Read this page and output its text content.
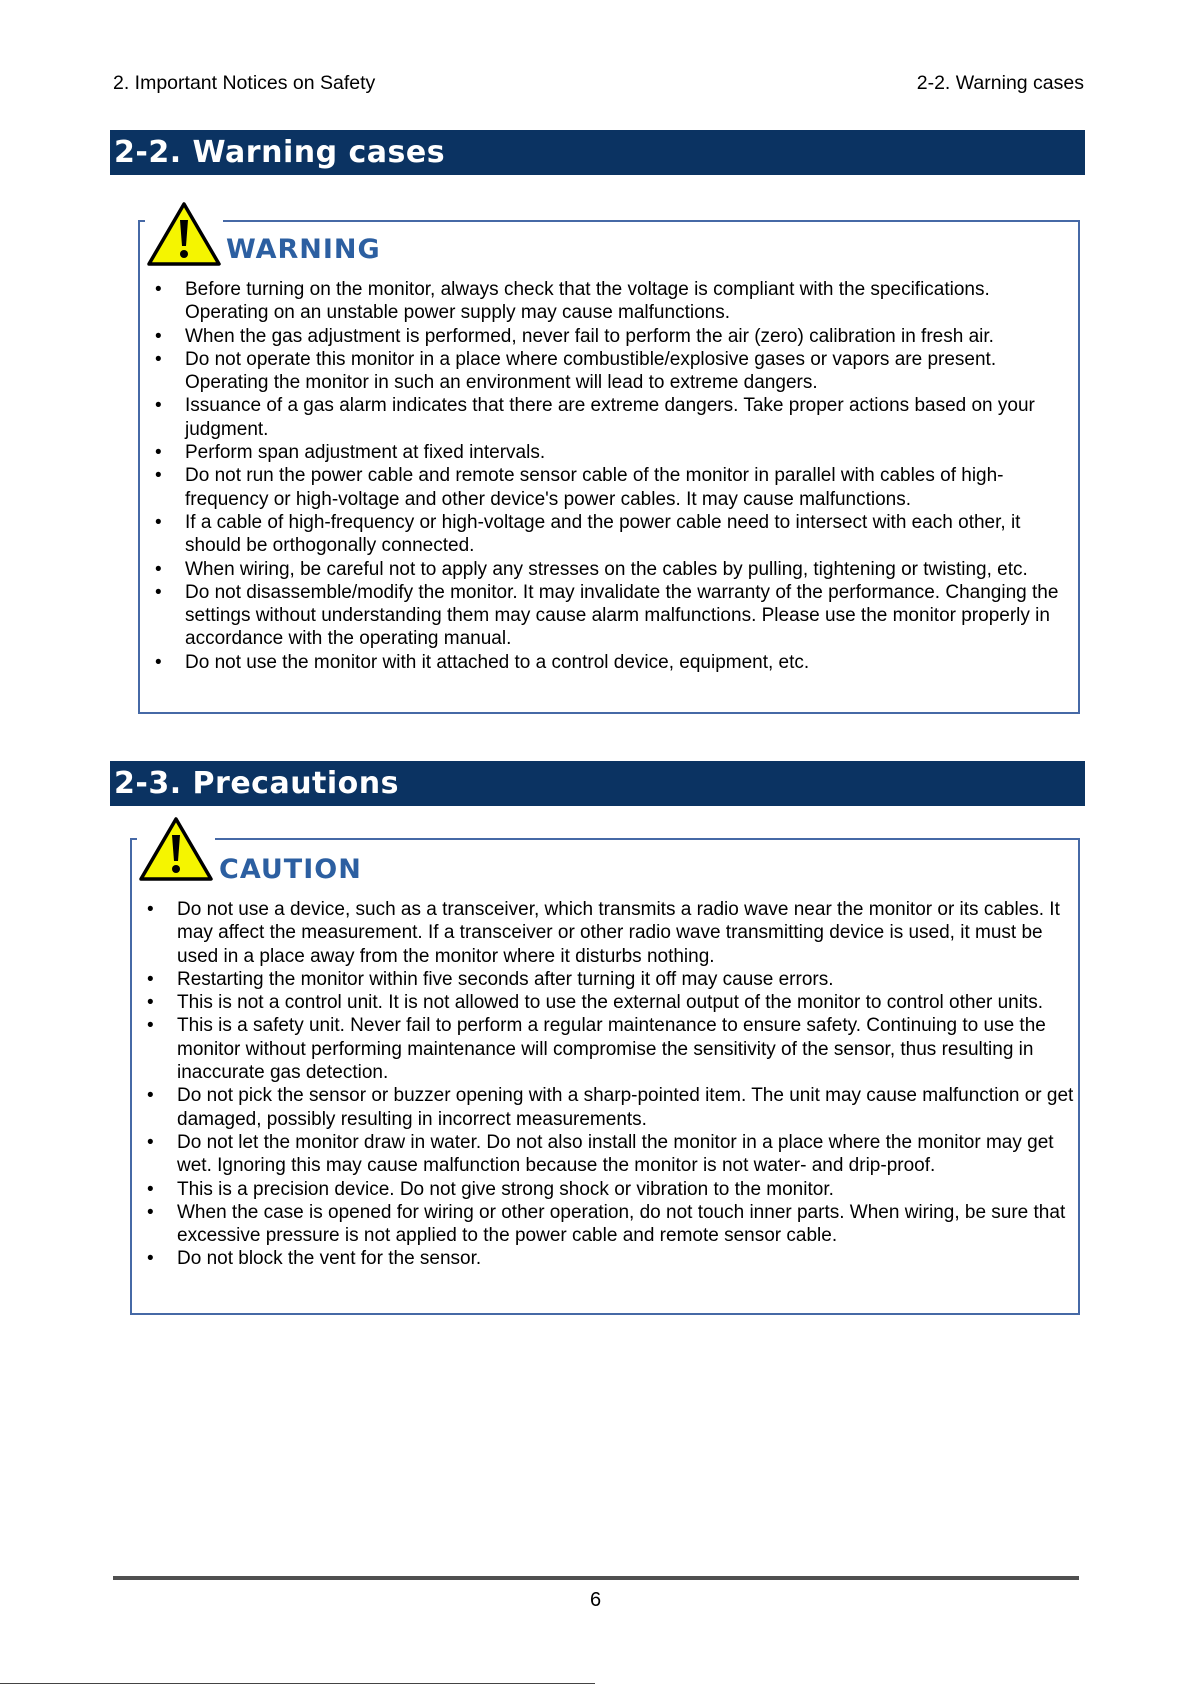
2. Important Notices on Safety	2-2. Warning cases
2-2. Warning cases
WARNING
• Before turning on the monitor, always check that the voltage is compliant with the specifications. Operating on an unstable power supply may cause malfunctions.
• When the gas adjustment is performed, never fail to perform the air (zero) calibration in fresh air.
• Do not operate this monitor in a place where combustible/explosive gases or vapors are present. Operating the monitor in such an environment will lead to extreme dangers.
• Issuance of a gas alarm indicates that there are extreme dangers. Take proper actions based on your judgment.
• Perform span adjustment at fixed intervals.
• Do not run the power cable and remote sensor cable of the monitor in parallel with cables of high-frequency or high-voltage and other device's power cables. It may cause malfunctions.
• If a cable of high-frequency or high-voltage and the power cable need to intersect with each other, it should be orthogonally connected.
• When wiring, be careful not to apply any stresses on the cables by pulling, tightening or twisting, etc.
• Do not disassemble/modify the monitor. It may invalidate the warranty of the performance. Changing the settings without understanding them may cause alarm malfunctions. Please use the monitor properly in accordance with the operating manual.
• Do not use the monitor with it attached to a control device, equipment, etc.
2-3. Precautions
CAUTION
• Do not use a device, such as a transceiver, which transmits a radio wave near the monitor or its cables. It may affect the measurement. If a transceiver or other radio wave transmitting device is used, it must be used in a place away from the monitor where it disturbs nothing.
• Restarting the monitor within five seconds after turning it off may cause errors.
• This is not a control unit. It is not allowed to use the external output of the monitor to control other units.
• This is a safety unit. Never fail to perform a regular maintenance to ensure safety. Continuing to use the monitor without performing maintenance will compromise the sensitivity of the sensor, thus resulting in inaccurate gas detection.
• Do not pick the sensor or buzzer opening with a sharp-pointed item. The unit may cause malfunction or get damaged, possibly resulting in incorrect measurements.
• Do not let the monitor draw in water. Do not also install the monitor in a place where the monitor may get wet. Ignoring this may cause malfunction because the monitor is not water- and drip-proof.
• This is a precision device. Do not give strong shock or vibration to the monitor.
• When the case is opened for wiring or other operation, do not touch inner parts. When wiring, be sure that excessive pressure is not applied to the power cable and remote sensor cable.
• Do not block the vent for the sensor.
6
